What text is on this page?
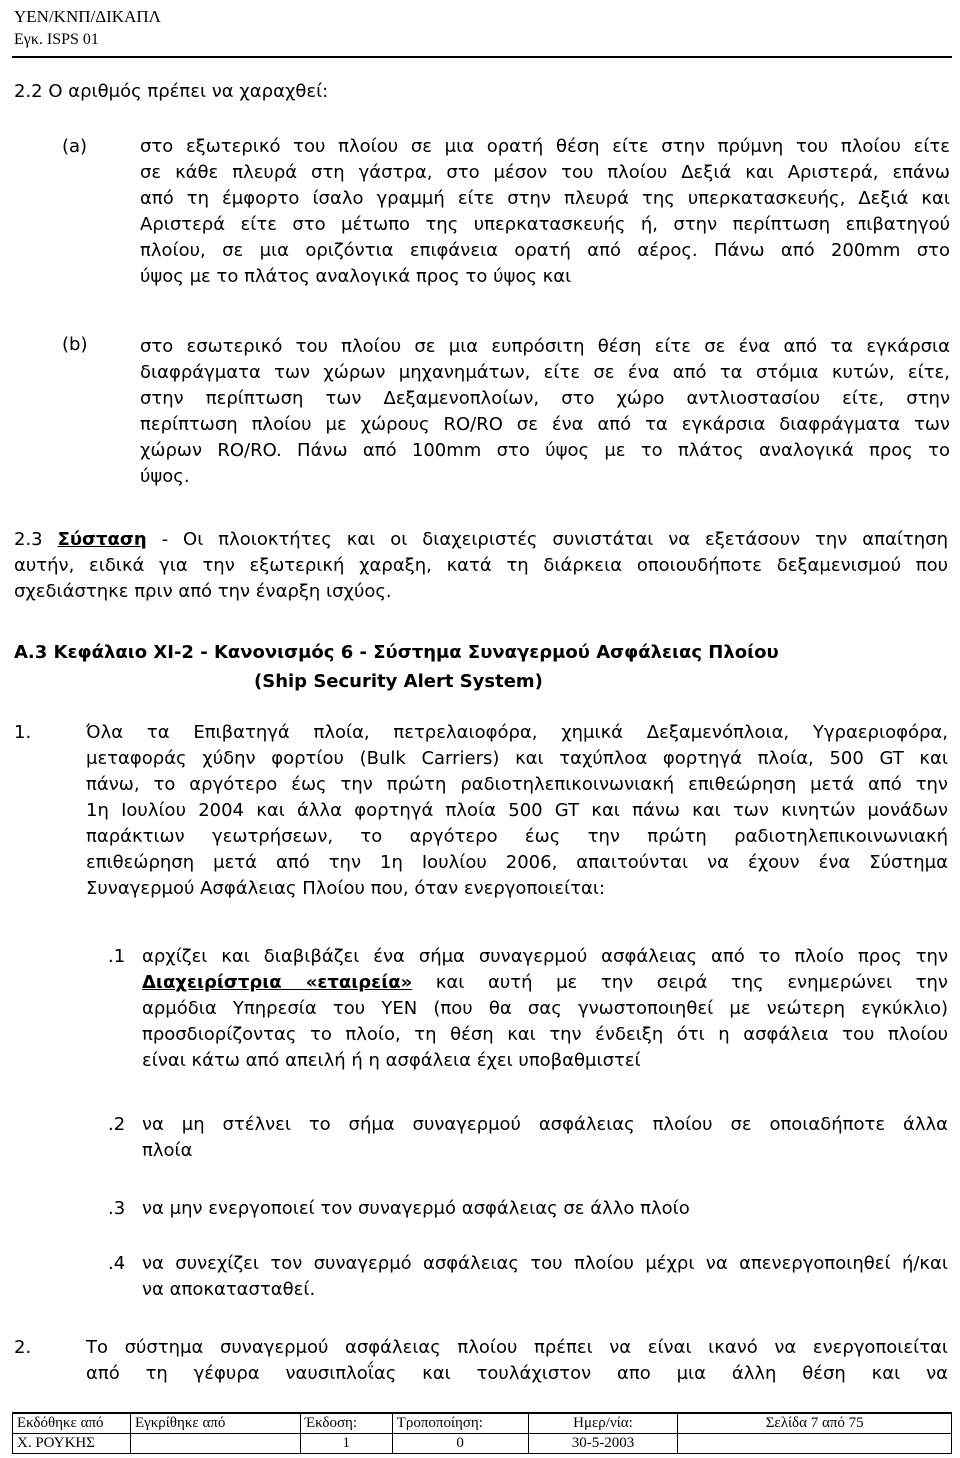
ΥΕΝ/ΚΝΠ/ΔΙΚΑΠΛ
Εγκ. ISPS 01
2.2 Ο αριθμός πρέπει να χαραχθεί:
(a)	στο εξωτερικό του πλοίου σε μια ορατή θέση είτε στην πρύμνη του πλοίου είτε
σε κάθε πλευρά στη γάστρα, στο μέσον του πλοίου Δεξιά και Αριστερά, επάνω
από τη έμφορτο ίσαλο γραμμή είτε στην πλευρά της υπερκατασκευής, Δεξιά και
Αριστερά είτε στο μέτωπο της υπερκατασκευής ή, στην περίπτωση επιβατηγού
πλοίου, σε μια οριζόντια επιφάνεια ορατή από αέρος. Πάνω από 200mm στο
ύψος με το πλάτος αναλογικά προς το ύψος και
(b)	στο εσωτερικό του πλοίου σε μια ευπρόσιτη θέση είτε σε ένα από τα εγκάρσια
διαφράγματα των χώρων μηχανημάτων, είτε σε ένα από τα στόμια κυτών, είτε,
στην περίπτωση των Δεξαμενοπλοίων, στο χώρο αντλιοστασίου είτε, στην
περίπτωση πλοίου με χώρους RO/RO σε ένα από τα εγκάρσια διαφράγματα των
χώρων RO/RO. Πάνω από 100mm στο ύψος με το πλάτος αναλογικά προς το
ύψος.
2.3 Σύσταση - Οι πλοιοκτήτες και οι διαχειριστές συνιστάται να εξετάσουν την απαίτηση
αυτήν, ειδικά για την εξωτερική χαραξη, κατά τη διάρκεια οποιουδήποτε δεξαμενισμού που
σχεδιάστηκε πριν από την έναρξη ισχύος.
Α.3 Κεφάλαιο XI-2 - Κανονισμός 6 - Σύστημα Συναγερμού Ασφάλειας Πλοίου
(Ship Security Alert System)
1.	Όλα τα Επιβατηγά πλοία, πετρελαιοφόρα, χημικά Δεξαμενόπλοια, Υγραεριοφόρα,
μεταφοράς χύδην φορτίου (Bulk Carriers) και ταχύπλοα φορτηγά πλοία, 500 GT και
πάνω, το αργότερο έως την πρώτη ραδιοτηλεπικοινωνιακή επιθεώρηση μετά από την
1η Ιουλίου 2004 και άλλα φορτηγά πλοία 500 GT και πάνω και των κινητών μονάδων
παράκτιων γεωτρήσεων, το αργότερο έως την πρώτη ραδιοτηλεπικοινωνιακή
επιθεώρηση μετά από την 1η Ιουλίου 2006, απαιτούνται να έχουν ένα Σύστημα
Συναγερμού Ασφάλειας Πλοίου που, όταν ενεργοποιείται:
.1 αρχίζει και διαβιβάζει ένα σήμα συναγερμού ασφάλειας από το πλοίο προς την
Διαχειρίστρια «εταιρεία» και αυτή με την σειρά της ενημερώνει την
αρμόδια Υπηρεσία του ΥΕΝ (που θα σας γνωστοποιηθεί με νεώτερη εγκύκλιο)
προσδιορίζοντας το πλοίο, τη θέση και την ένδειξη ότι η ασφάλεια του πλοίου
είναι κάτω από απειλή ή η ασφάλεια έχει υποβαθμιστεί
.2 να μη στέλνει το σήμα συναγερμού ασφάλειας πλοίου σε οποιαδήποτε άλλα
πλοία
.3 να μην ενεργοποιεί τον συναγερμό ασφάλειας σε άλλο πλοίο
.4 να συνεχίζει τον συναγερμό ασφάλειας του πλοίου μέχρι να απενεργοποιηθεί ή/και
να αποκατασταθεί.
2.	Το σύστημα συναγερμού ασφάλειας πλοίου πρέπει να είναι ικανό να ενεργοποιείται
από τη γέφυρα ναυσιπλοΐας και τουλάχιστον απο μια άλλη θέση και να
Εκδόθηκε από	Εγκρίθηκε από	Έκδοση:	Τροποποίηση:	Ημερ/νία:	Σελίδα 7 από 75
Χ. ΡΟΥΚΗΣ		1	0	30-5-2003	
